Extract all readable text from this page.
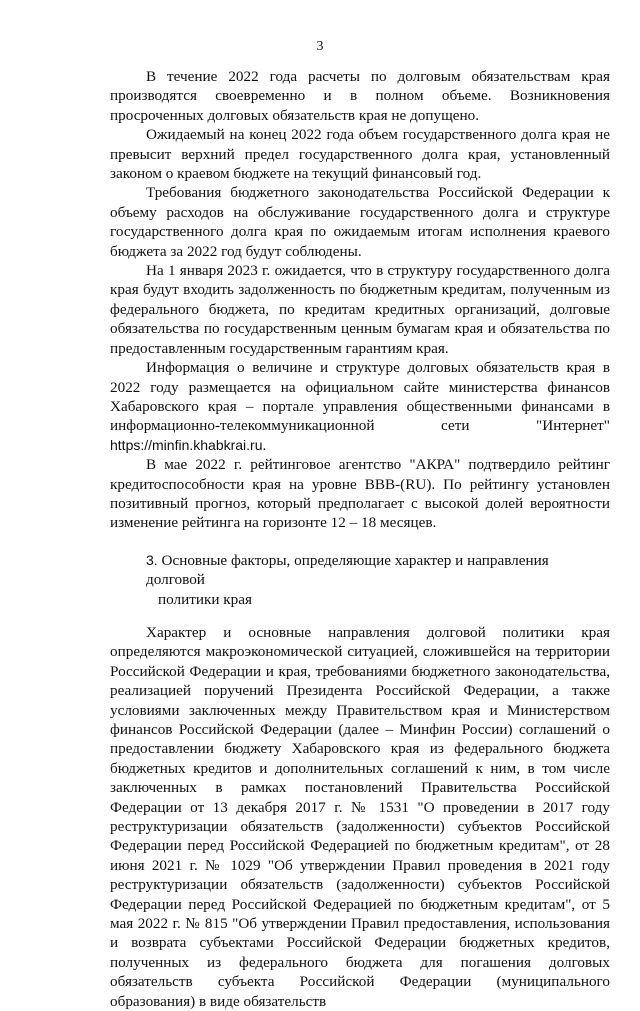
3

В течение 2022 года расчеты по долговым обязательствам края производятся своевременно и в полном объеме. Возникновения просроченных долговых обязательств края не допущено.

Ожидаемый на конец 2022 года объем государственного долга края не превысит верхний предел государственного долга края, установленный законом о краевом бюджете на текущий финансовый год.

Требования бюджетного законодательства Российской Федерации к объему расходов на обслуживание государственного долга и структуре государственного долга края по ожидаемым итогам исполнения краевого бюджета за 2022 год будут соблюдены.

На 1 января 2023 г. ожидается, что в структуру государственного долга края будут входить задолженность по бюджетным кредитам, полученным из федерального бюджета, по кредитам кредитных организаций, долговые обязательства по государственным ценным бумагам края и обязательства по предоставленным государственным гарантиям края.

Информация о величине и структуре долговых обязательств края в 2022 году размещается на официальном сайте министерства финансов Хабаровского края – портале управления общественными финансами в информационно-телекоммуникационной сети "Интернет" https://minfin.khabkrai.ru.

В мае 2022 г. рейтинговое агентство "АКРА" подтвердило рейтинг кредитоспособности края на уровне BBB-(RU). По рейтингу установлен позитивный прогноз, который предполагает с высокой долей вероятности изменение рейтинга на горизонте 12 – 18 месяцев.

3. Основные факторы, определяющие характер и направления долговой
политики края

Характер и основные направления долговой политики края определяются макроэкономической ситуацией, сложившейся на территории Российской Федерации и края, требованиями бюджетного законодательства, реализацией поручений Президента Российской Федерации, а также условиями заключенных между Правительством края и Министерством финансов Российской Федерации (далее – Минфин России) соглашений о предоставлении бюджету Хабаровского края из федерального бюджета бюджетных кредитов и дополнительных соглашений к ним, в том числе заключенных в рамках постановлений Правительства Российской Федерации от 13 декабря 2017 г. № 1531 "О проведении в 2017 году реструктуризации обязательств (задолженности) субъектов Российской Федерации перед Российской Федерацией по бюджетным кредитам", от 28 июня 2021 г. № 1029 "Об утверждении Правил проведения в 2021 году реструктуризации обязательств (задолженности) субъектов Российской Федерации перед Российской Федерацией по бюджетным кредитам", от 5 мая 2022 г. № 815 "Об утверждении Правил предоставления, использования и возврата субъектами Российской Федерации бюджетных кредитов, полученных из федерального бюджета для погашения долговых обязательств субъекта Российской Федерации (муниципального образования) в виде обязательств
